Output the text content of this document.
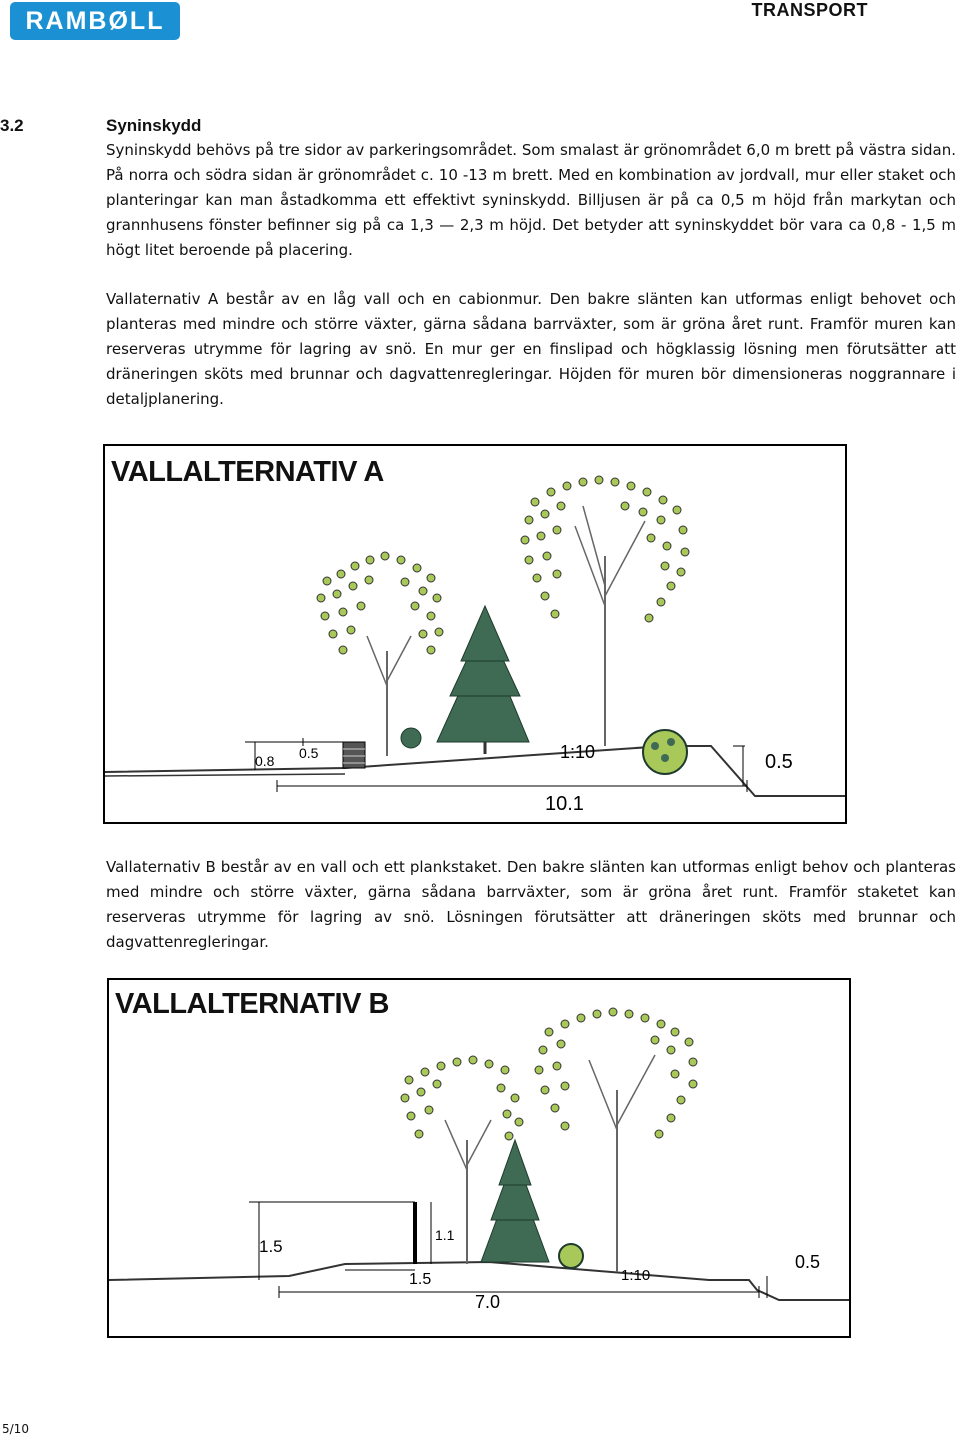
RAMBØLL	TRANSPORT
3.2	Syninskydd

Syninskydd behövs på tre sidor av parkeringsområdet. Som smalast är grönområdet 6,0 m brett på västra sidan. På norra och södra sidan är grönområdet c. 10 -13 m brett. Med en kombination av jordvall, mur eller staket och planteringar kan man åstadkomma ett effektivt syninskydd. Billjusen är på ca 0,5 m höjd från markytan och grannhusens fönster befinner sig på ca 1,3 — 2,3 m höjd. Det betyder att syninskyddet bör vara ca 0,8 - 1,5 m högt litet beroende på placering.

Vallaternativ A består av en låg vall och en cabionmur. Den bakre slänten kan utformas enligt behovet och planteras med mindre och större växter, gärna sådana barrväxter, som är gröna året runt. Framför muren kan reserveras utrymme för lagring av snö. En mur ger en finslipad och högklassig lösning men förutsätter att dräneringen sköts med brunnar och dagvattenregleringar. Höjden för muren bör dimensioneras noggrannare i detaljplanering.

VALLALTERNATIV A
0.8 0.5	1:10	0.5
10.1

Vallaternativ B består av en vall och ett plankstaket. Den bakre slänten kan utformas enligt behov och planteras med mindre och större växter, gärna sådana barrväxter, som är gröna året runt. Framför staketet kan reserveras utrymme för lagring av snö. Lösningen förutsätter att dräneringen sköts med brunnar och dagvattenregleringar.

VALLALTERNATIV B
1.5
1.1
1.5	1:10
0.5
7.0
5/10
